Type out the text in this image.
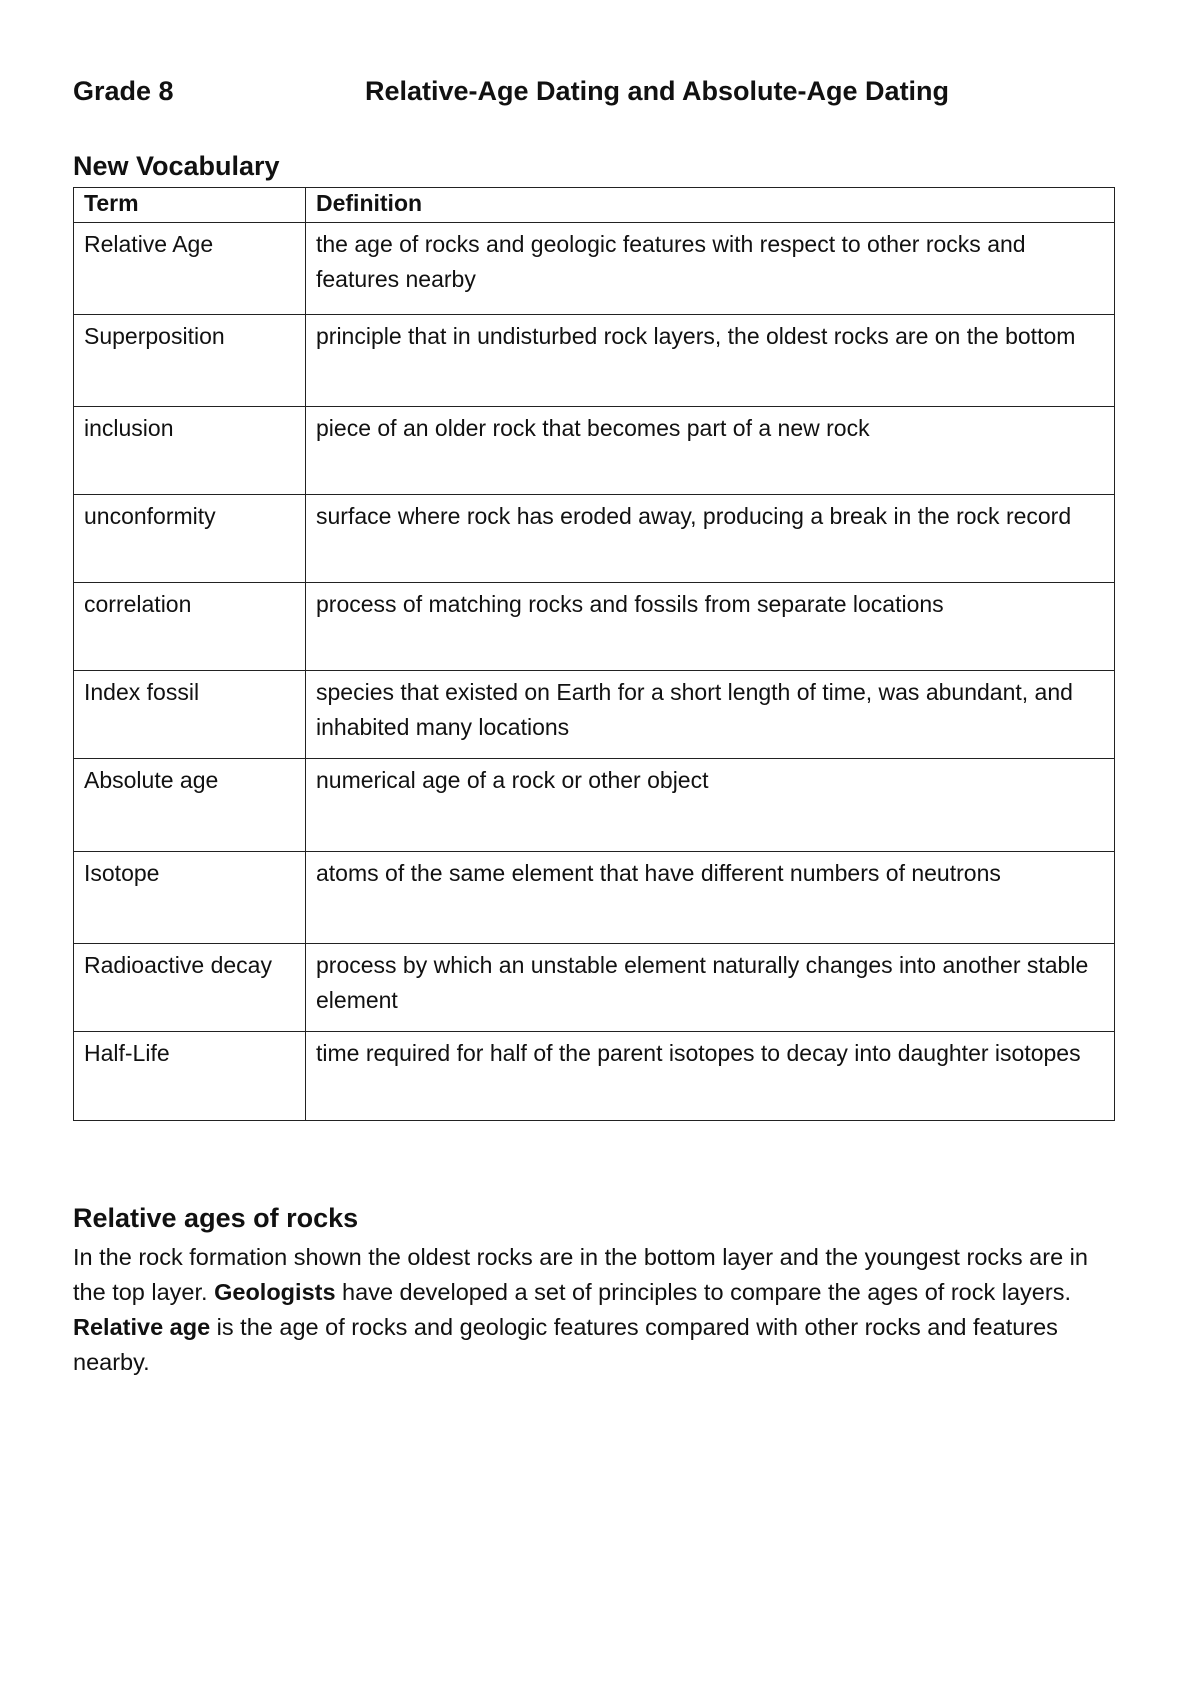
Grade 8	Relative-Age Dating and Absolute-Age Dating
New Vocabulary
Term	Definition
Relative Age	the age of rocks and geologic features with respect to other rocks and features nearby
Superposition	principle that in undisturbed rock layers, the oldest rocks are on the bottom
inclusion	piece of an older rock that becomes part of a new rock
unconformity	surface where rock has eroded away, producing a break in the rock record
correlation	process of matching rocks and fossils from separate locations
Index fossil	species that existed on Earth for a short length of time, was abundant, and inhabited many locations
Absolute age	numerical age of a rock or other object
Isotope	atoms of the same element that have different numbers of neutrons
Radioactive decay	process by which an unstable element naturally changes into another stable element
Half-Life	time required for half of the parent isotopes to decay into daughter isotopes
Relative ages of rocks
In the rock formation shown the oldest rocks are in the bottom layer and the youngest rocks are in the top layer. Geologists have developed a set of principles to compare the ages of rock layers. Relative age is the age of rocks and geologic features compared with other rocks and features nearby.
